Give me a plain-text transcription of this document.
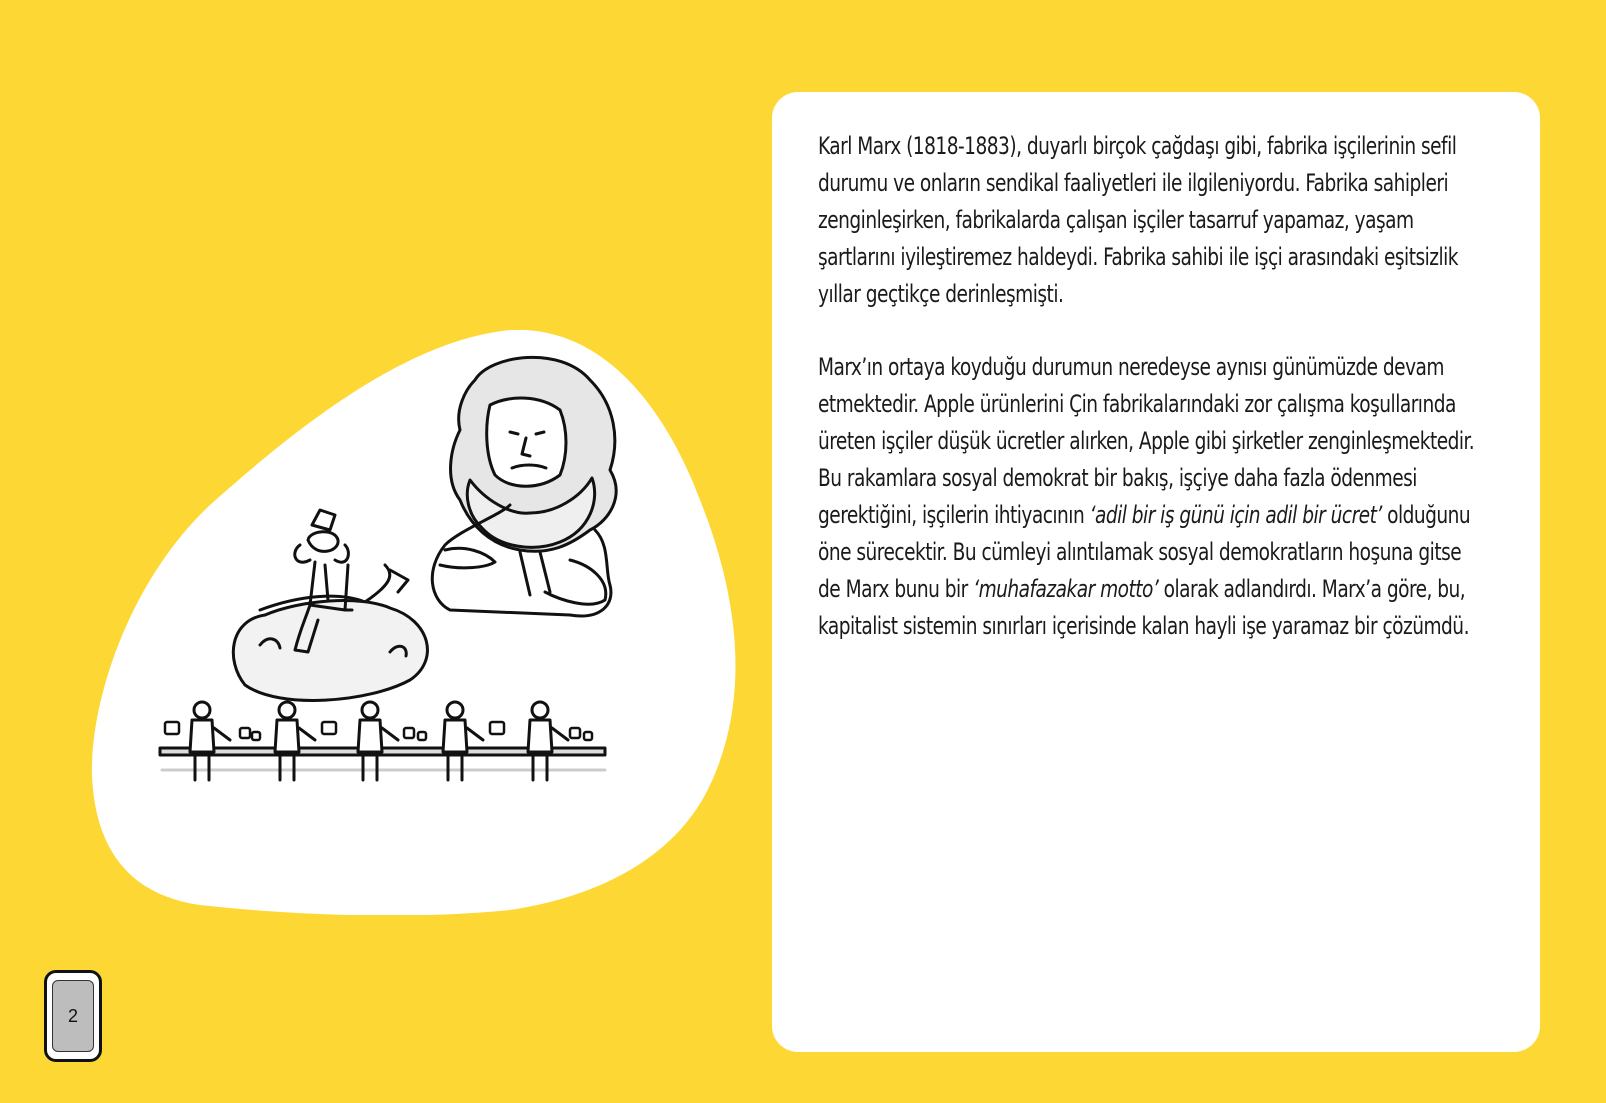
Karl Marx (1818-1883), duyarlı birçok çağdaşı gibi, fabrika işçilerinin sefil durumu ve onların sendikal faaliyetleri ile ilgileniyordu. Fabrika sahipleri zenginleşirken, fabrikalarda çalışan işçiler tasarruf yapamaz, yaşam şartlarını iyileştiremez haldeydi. Fabrika sahibi ile işçi arasındaki eşitsizlik yıllar geçtikçe derinleşmişti.

Marx’ın ortaya koyduğu durumun neredeyse aynısı günümüzde devam etmektedir. Apple ürünlerini Çin fabrikalarındaki zor çalışma koşullarında üreten işçiler düşük ücretler alırken, Apple gibi şirketler zenginleşmektedir. Bu rakamlara sosyal demokrat bir bakış, işçiye daha fazla ödenmesi gerektiğini, işçilerin ihtiyacının ‘adil bir iş günü için adil bir ücret’ olduğunu öne sürecektir. Bu cümleyi alıntılamak sosyal demokratların hoşuna gitse de Marx bunu bir ‘muhafazakar motto’ olarak adlandırdı. Marx’a göre, bu, kapitalist sistemin sınırları içerisinde kalan hayli işe yaramaz bir çözümdü.

2
